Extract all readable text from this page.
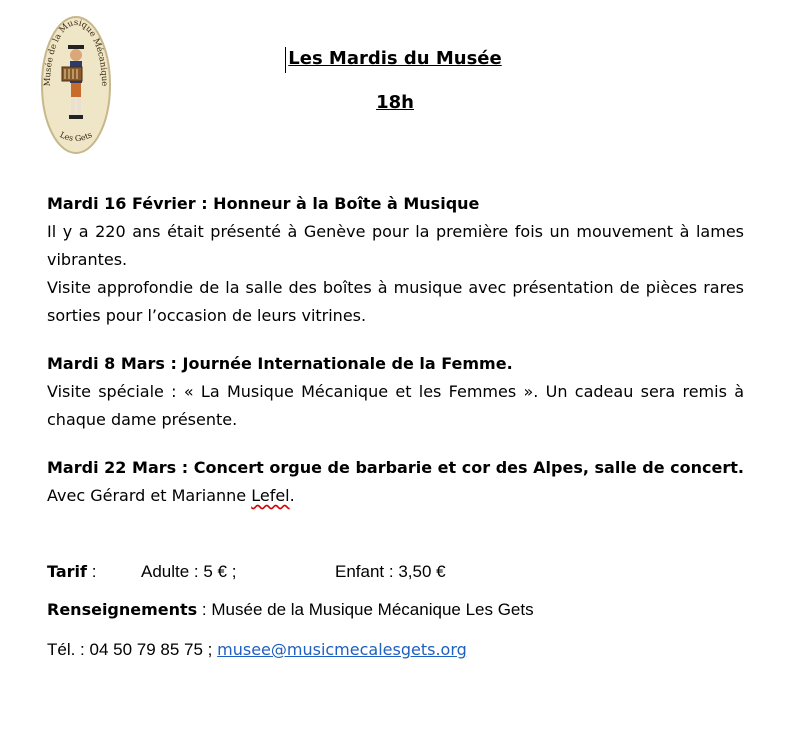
Musée de la Musique Mécanique
Les Gets
Les Mardis du Musée
18h
Mardi 16 Février : Honneur à la Boîte à Musique
Il y a 220 ans était présenté à Genève pour la première fois un mouvement à lames vibrantes.
Visite approfondie de la salle des boîtes à musique avec présentation de pièces rares sorties pour l’occasion de leurs vitrines.
Mardi 8 Mars : Journée Internationale de la Femme.
Visite spéciale : « La Musique Mécanique et les Femmes ». Un cadeau sera remis à chaque dame présente.
Mardi 22 Mars : Concert orgue de barbarie et cor des Alpes, salle de concert. Avec Gérard et Marianne Lefel.
Tarif :	Adulte : 5 € ;	Enfant : 3,50 €
Renseignements : Musée de la Musique Mécanique Les Gets
Tél. : 04 50 79 85 75 ; musee@musicmecalesgets.org
